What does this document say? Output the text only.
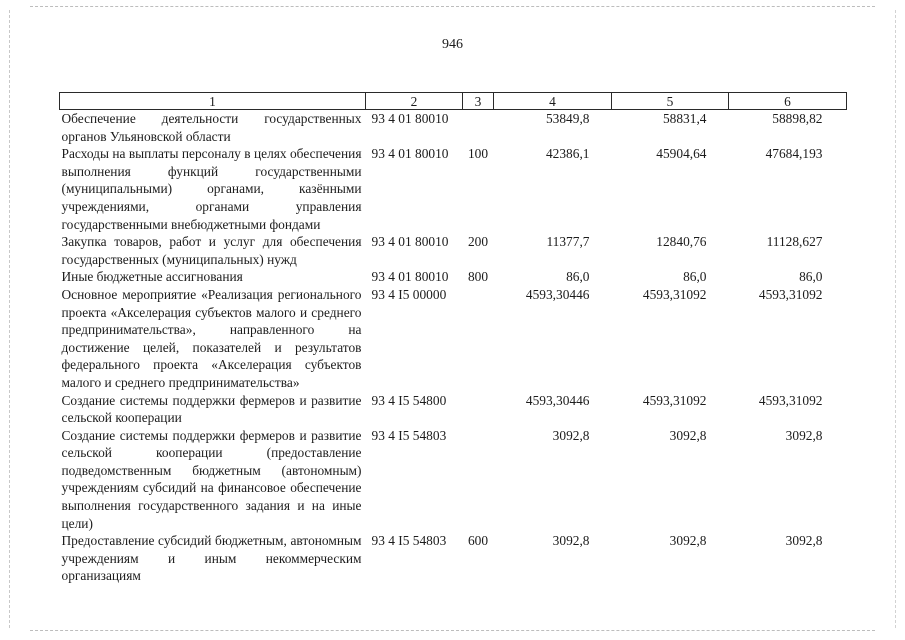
946
1	2	3	4	5	6
Обеспечение деятельности государственных органов Ульяновской области	93 4 01 80010		53849,8	58831,4	58898,82
Расходы на выплаты персоналу в целях обеспечения выполнения функций государственными (муниципальными) органами, казёнными учреждениями, органами управления государственными внебюджетными фондами	93 4 01 80010	100	42386,1	45904,64	47684,193
Закупка товаров, работ и услуг для обеспечения государственных (муниципальных) нужд	93 4 01 80010	200	11377,7	12840,76	11128,627
Иные бюджетные ассигнования	93 4 01 80010	800	86,0	86,0	86,0
Основное мероприятие «Реализация регионального проекта «Акселерация субъектов малого и среднего предпринимательства», направленного на достижение целей, показателей и результатов федерального проекта «Акселерация субъектов малого и среднего предпринимательства»	93 4 I5 00000		4593,30446	4593,31092	4593,31092
Создание системы поддержки фермеров и развитие сельской кооперации	93 4 I5 54800		4593,30446	4593,31092	4593,31092
Создание системы поддержки фермеров и развитие сельской кооперации (предоставление подведомственным бюджетным (автономным) учреждениям субсидий на финансовое обеспечение выполнения государственного задания и на иные цели)	93 4 I5 54803		3092,8	3092,8	3092,8
Предоставление субсидий бюджетным, автономным учреждениям и иным некоммерческим организациям	93 4 I5 54803	600	3092,8	3092,8	3092,8
